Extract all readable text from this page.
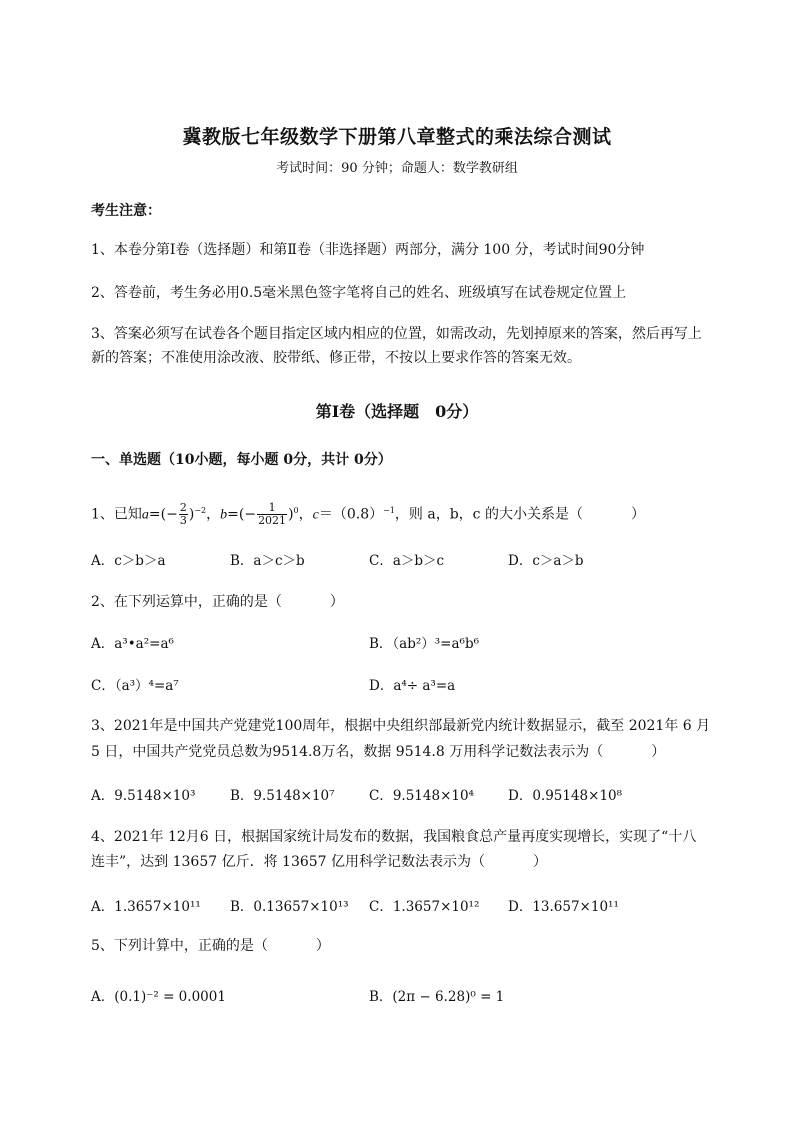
冀教版七年级数学下册第八章整式的乘法综合测试
考试时间：90 分钟；命题人：数学教研组
考生注意：
1、本卷分第Ⅰ卷（选择题）和第Ⅱ卷（非选择题）两部分，满分 100 分，考试时间90分钟
2、答卷前，考生务必用0.5毫米黑色签字笔将自己的姓名、班级填写在试卷规定位置上
3、答案必须写在试卷各个题目指定区域内相应的位置，如需改动，先划掉原来的答案，然后再写上新的答案；不准使用涂改液、胶带纸、修正带，不按以上要求作答的答案无效。
第Ⅰ卷（选择题　0分）
一、单选题（10小题，每小题 0分，共计 0分）
1、已知$a=(- \frac{2}{3} )^{-2}$，$b=(- \frac{1}{2021} )^0$，$c=(0.8)^{-1}$，则 a，b，c 的大小关系是（	）
A．c＞b＞a	B．a＞c＞b	C．a＞b＞c	D．c＞a＞b
2、在下列运算中，正确的是（	）
A．a³•a²=a⁶	B．（ab²）³=a⁶b⁶
C．（a³）⁴=a⁷	D．a⁴÷ a³=a
3、2021年是中国共产党建党100周年，根据中央组织部最新党内统计数据显示，截至 2021年 6 月
5 日，中国共产党党员总数为9514.8万名，数据 9514.8 万用科学记数法表示为（	）
A．9.5148×10³	B．9.5148×10⁷	C．9.5148×10⁴	D．0.95148×10⁸
4、2021年 12月6 日，根据国家统计局发布的数据，我国粮食总产量再度实现增长，实现了“十八
连丰”，达到 13657 亿斤．将 13657 亿用科学记数法表示为（	）
A．1.3657×10¹¹ B．0.13657×10¹³ C．1.3657×10¹² D．13.657×10¹¹
5、下列计算中，正确的是（	）
A．(0.1)⁻² = 0.0001	B．(2π − 6.28)⁰ = 1
